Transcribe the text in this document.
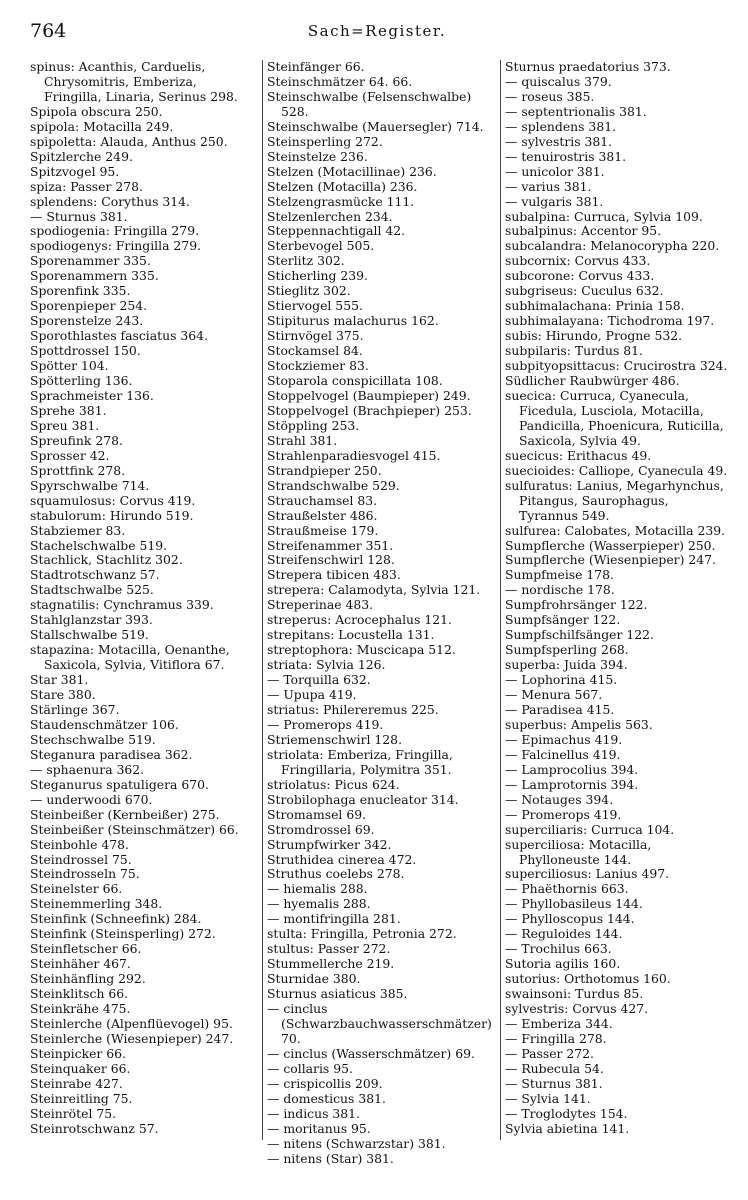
764	Sach=Register.

spinus: Acanthis, Carduelis, Chrysomitris, Emberiza, Fringilla, Linaria, Serinus 298.

Spipola obscura 250.

spipola: Motacilla 249.

spipoletta: Alauda, Anthus 250.

Spitzlerche 249.

Spitzvogel 95.

spiza: Passer 278.

splendens: Corythus 314.

— Sturnus 381.

spodiogenia: Fringilla 279.

spodiogenys: Fringilla 279.

Sporenammer 335.

Sporenammern 335.

Sporenfink 335.

Sporenpieper 254.

Sporenstelze 243.

Sporothlastes fasciatus 364.

Spottdrossel 150.

Spötter 104.

Spötterling 136.

Sprachmeister 136.

Sprehe 381.

Spreu 381.

Spreufink 278.

Sprosser 42.

Sprottfink 278.

Spyrschwalbe 714.

squamulosus: Corvus 419.

stabulorum: Hirundo 519.

Stabziemer 83.

Stachelschwalbe 519.

Stachlick, Stachlitz 302.

Stadtrotschwanz 57.

Stadtschwalbe 525.

stagnatilis: Cynchramus 339.

Stahlglanzstar 393.

Stallschwalbe 519.

stapazina: Motacilla, Oenanthe, Saxicola, Sylvia, Vitiflora 67.

Star 381.

Stare 380.

Stärlinge 367.

Staudenschmätzer 106.

Stechschwalbe 519.

Steganura paradisea 362.

— sphaenura 362.

Steganurus spatuligera 670.

— underwoodi 670.

Steinbeißer (Kernbeißer) 275.

Steinbeißer (Steinschmätzer) 66.

Steinbohle 478.

Steindrossel 75.

Steindrosseln 75.

Steinelster 66.

Steinemmerling 348.

Steinfink (Schneefink) 284.

Steinfink (Steinsperling) 272.

Steinfletscher 66.

Steinhäher 467.

Steinhänfling 292.

Steinklitsch 66.

Steinkrähe 475.

Steinlerche (Alpenflüevogel) 95.

Steinlerche (Wiesenpieper) 247.

Steinpicker 66.

Steinquaker 66.

Steinrabe 427.

Steinreitling 75.

Steinrötel 75.

Steinrotschwanz 57.

Steinfänger 66.

Steinschmätzer 64. 66.

Steinschwalbe (Felsenschwalbe) 528.

Steinschwalbe (Mauersegler) 714.

Steinsperling 272.

Steinstelze 236.

Stelzen (Motacillinae) 236.

Stelzen (Motacilla) 236.

Stelzengrasmücke 111.

Stelzenlerchen 234.

Steppennachtigall 42.

Sterbevogel 505.

Sterlitz 302.

Sticherling 239.

Stieglitz 302.

Stiervogel 555.

Stipiturus malachurus 162.

Stirnvögel 375.

Stockamsel 84.

Stockziemer 83.

Stoparola conspicillata 108.

Stoppelvogel (Baumpieper) 249.

Stoppelvogel (Brachpieper) 253.

Stöppling 253.

Strahl 381.

Strahlenparadiesvogel 415.

Strandpieper 250.

Strandschwalbe 529.

Strauchamsel 83.

Straußelster 486.

Straußmeise 179.

Streifenammer 351.

Streifenschwirl 128.

Strepera tibicen 483.

strepera: Calamodyta, Sylvia 121.

Streperinae 483.

streperus: Acrocephalus 121.

strepitans: Locustella 131.

streptophora: Muscicapa 512.

striata: Sylvia 126.

— Torquilla 632.

— Upupa 419.

striatus: Philereremus 225.

— Promerops 419.

Striemenschwirl 128.

striolata: Emberiza, Fringilla, Fringillaria, Polymitra 351.

striolatus: Picus 624.

Strobilophaga enucleator 314.

Stromamsel 69.

Stromdrossel 69.

Strumpfwirker 342.

Struthidea cinerea 472.

Struthus coelebs 278.

— hiemalis 288.

— hyemalis 288.

— montifringilla 281.

stulta: Fringilla, Petronia 272.

stultus: Passer 272.

Stummellerche 219.

Sturnidae 380.

Sturnus asiaticus 385.

— cinclus (Schwarzbauchwasserschmätzer) 70.

— cinclus (Wasserschmätzer) 69.

— collaris 95.

— crispicollis 209.

— domesticus 381.

— indicus 381.

— moritanus 95.

— nitens (Schwarzstar) 381.

— nitens (Star) 381.

Sturnus praedatorius 373.

— quiscalus 379.

— roseus 385.

— septentrionalis 381.

— splendens 381.

— sylvestris 381.

— tenuirostris 381.

— unicolor 381.

— varius 381.

— vulgaris 381.

subalpina: Curruca, Sylvia 109.

subalpinus: Accentor 95.

subcalandra: Melanocorypha 220.

subcornix: Corvus 433.

subcorone: Corvus 433.

subgriseus: Cuculus 632.

subhimalachana: Prinia 158.

subhimalayana: Tichodroma 197.

subis: Hirundo, Progne 532.

subpilaris: Turdus 81.

subpityopsittacus: Crucirostra 324.

Südlicher Raubwürger 486.

suecica: Curruca, Cyanecula, Ficedula, Lusciola, Motacilla, Pandicilla, Phoenicura, Ruticilla, Saxicola, Sylvia 49.

suecicus: Erithacus 49.

suecioides: Calliope, Cyanecula 49.

sulfuratus: Lanius, Megarhynchus, Pitangus, Saurophagus, Tyrannus 549.

sulfurea: Calobates, Motacilla 239.

Sumpflerche (Wasserpieper) 250.

Sumpflerche (Wiesenpieper) 247.

Sumpfmeise 178.

— nordische 178.

Sumpfrohrsänger 122.

Sumpfsänger 122.

Sumpfschilfsänger 122.

Sumpfsperling 268.

superba: Juida 394.

— Lophorina 415.

— Menura 567.

— Paradisea 415.

superbus: Ampelis 563.

— Epimachus 419.

— Falcinellus 419.

— Lamprocolius 394.

— Lamprotornis 394.

— Notauges 394.

— Promerops 419.

superciliaris: Curruca 104.

superciliosa: Motacilla, Phylloneuste 144.

superciliosus: Lanius 497.

— Phaëthornis 663.

— Phyllobasileus 144.

— Phylloscopus 144.

— Reguloides 144.

— Trochilus 663.

Sutoria agilis 160.

sutorius: Orthotomus 160.

swainsoni: Turdus 85.

sylvestris: Corvus 427.

— Emberiza 344.

— Fringilla 278.

— Passer 272.

— Rubecula 54.

— Sturnus 381.

— Sylvia 141.

— Troglodytes 154.

Sylvia abietina 141.
